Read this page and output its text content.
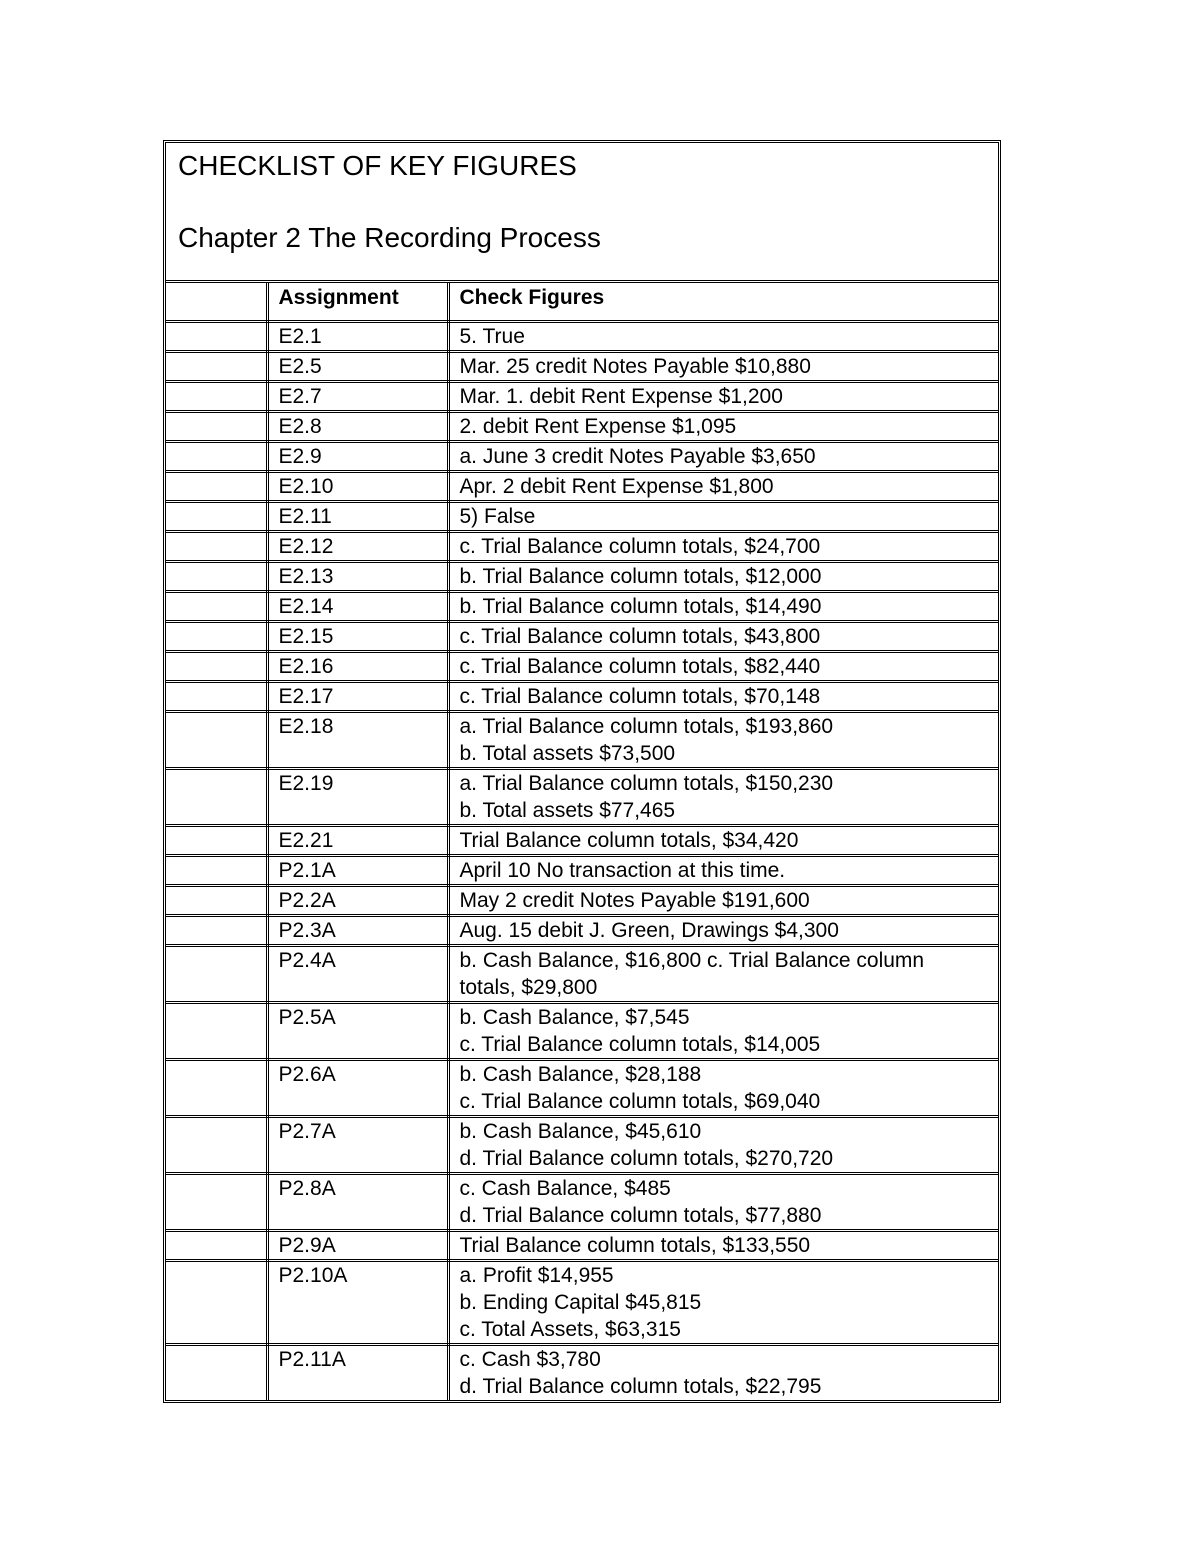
CHECKLIST OF KEY FIGURES
Chapter 2 The Recording Process
	Assignment	Check Figures
	E2.1	5. True

	E2.5	Mar. 25 credit Notes Payable $10,880

	E2.7	Mar. 1. debit Rent Expense $1,200

	E2.8	2. debit Rent Expense $1,095

	E2.9	a. June 3 credit Notes Payable $3,650

	E2.10	Apr. 2 debit Rent Expense $1,800

	E2.11	5) False

	E2.12	c. Trial Balance column totals, $24,700

	E2.13	b. Trial Balance column totals, $12,000

	E2.14	b. Trial Balance column totals, $14,490

	E2.15	c. Trial Balance column totals, $43,800

	E2.16	c. Trial Balance column totals, $82,440

	E2.17	c. Trial Balance column totals, $70,148

	E2.18	a. Trial Balance column totals, $193,860
b. Total assets $73,500

	E2.19	a. Trial Balance column totals, $150,230
b. Total assets $77,465

	E2.21	Trial Balance column totals, $34,420

	P2.1A	April 10 No transaction at this time.

	P2.2A	May 2 credit Notes Payable $191,600

	P2.3A	Aug. 15 debit J. Green, Drawings $4,300

	P2.4A	b. Cash Balance, $16,800 c. Trial Balance column
totals, $29,800

	P2.5A	b. Cash Balance, $7,545
c. Trial Balance column totals, $14,005

	P2.6A	b. Cash Balance, $28,188
c. Trial Balance column totals, $69,040

	P2.7A	b. Cash Balance, $45,610
d. Trial Balance column totals, $270,720

	P2.8A	c. Cash Balance, $485
d. Trial Balance column totals, $77,880

	P2.9A	Trial Balance column totals, $133,550

	P2.10A	a. Profit $14,955
b. Ending Capital $45,815
c. Total Assets, $63,315

	P2.11A	c. Cash $3,780
d. Trial Balance column totals, $22,795
